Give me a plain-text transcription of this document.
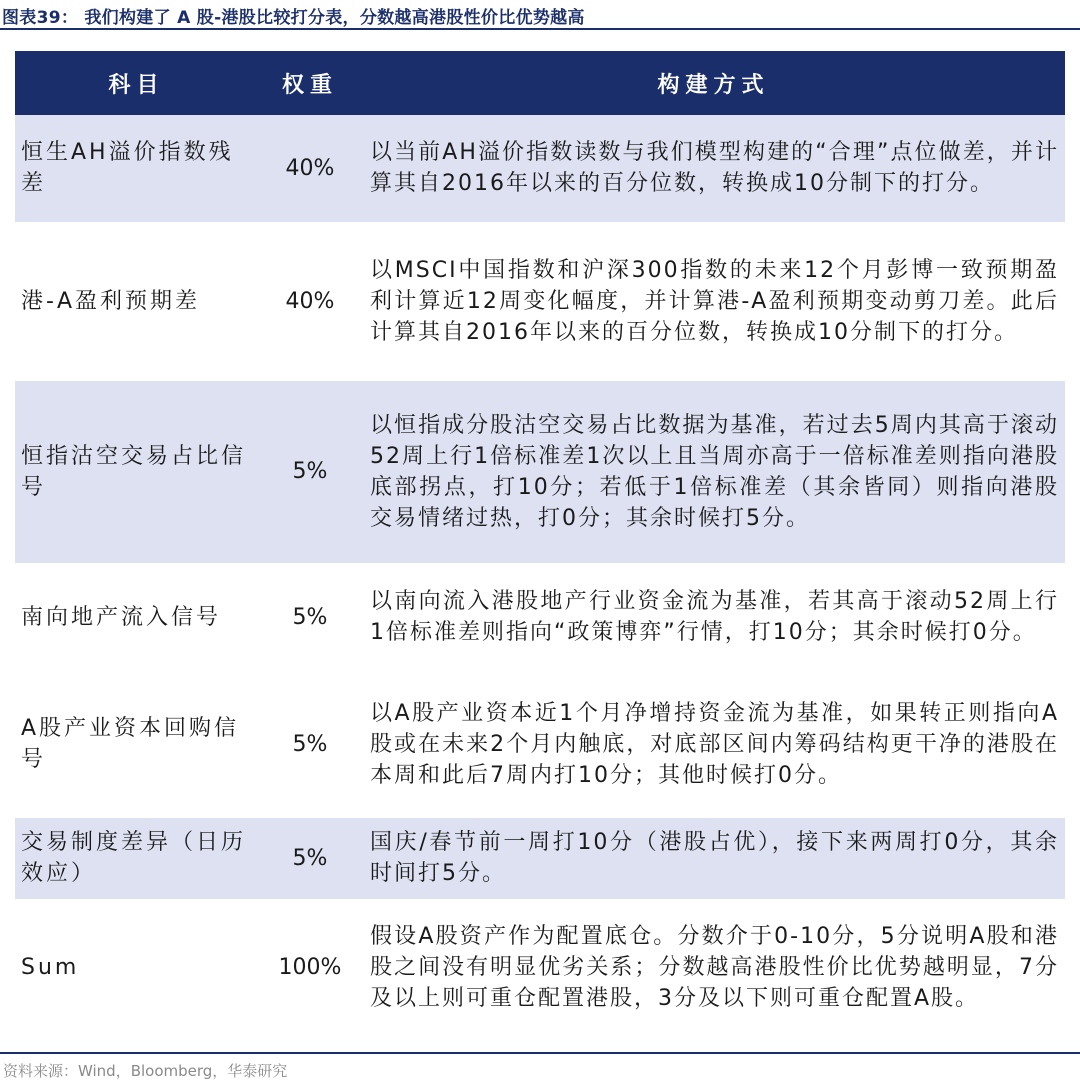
图表39： 我们构建了 A 股-港股比较打分表，分数越高港股性价比优势越高
科目	权重	构建方式
恒生AH溢价指数残差	40%	以当前AH溢价指数读数与我们模型构建的“合理”点位做差，并计算其自2016年以来的百分位数，转换成10分制下的打分。
港-A盈利预期差	40%	以MSCI中国指数和沪深300指数的未来12个月彭博一致预期盈利计算近12周变化幅度，并计算港-A盈利预期变动剪刀差。此后计算其自2016年以来的百分位数，转换成10分制下的打分。
恒指沽空交易占比信号	5%	以恒指成分股沽空交易占比数据为基准，若过去5周内其高于滚动52周上行1倍标准差1次以上且当周亦高于一倍标准差则指向港股底部拐点，打10分；若低于1倍标准差（其余皆同）则指向港股交易情绪过热，打0分；其余时候打5分。
南向地产流入信号	5%	以南向流入港股地产行业资金流为基准，若其高于滚动52周上行1倍标准差则指向“政策博弈”行情，打10分；其余时候打0分。
A股产业资本回购信号	5%	以A股产业资本近1个月净增持资金流为基准，如果转正则指向A股或在未来2个月内触底，对底部区间内筹码结构更干净的港股在本周和此后7周内打10分；其他时候打0分。
交易制度差异（日历效应）	5%	国庆/春节前一周打10分（港股占优），接下来两周打0分，其余时间打5分。
Sum	100%	假设A股资产作为配置底仓。分数介于0-10分，5分说明A股和港股之间没有明显优劣关系；分数越高港股性价比优势越明显，7分及以上则可重仓配置港股，3分及以下则可重仓配置A股。
资料来源：Wind，Bloomberg，华泰研究
